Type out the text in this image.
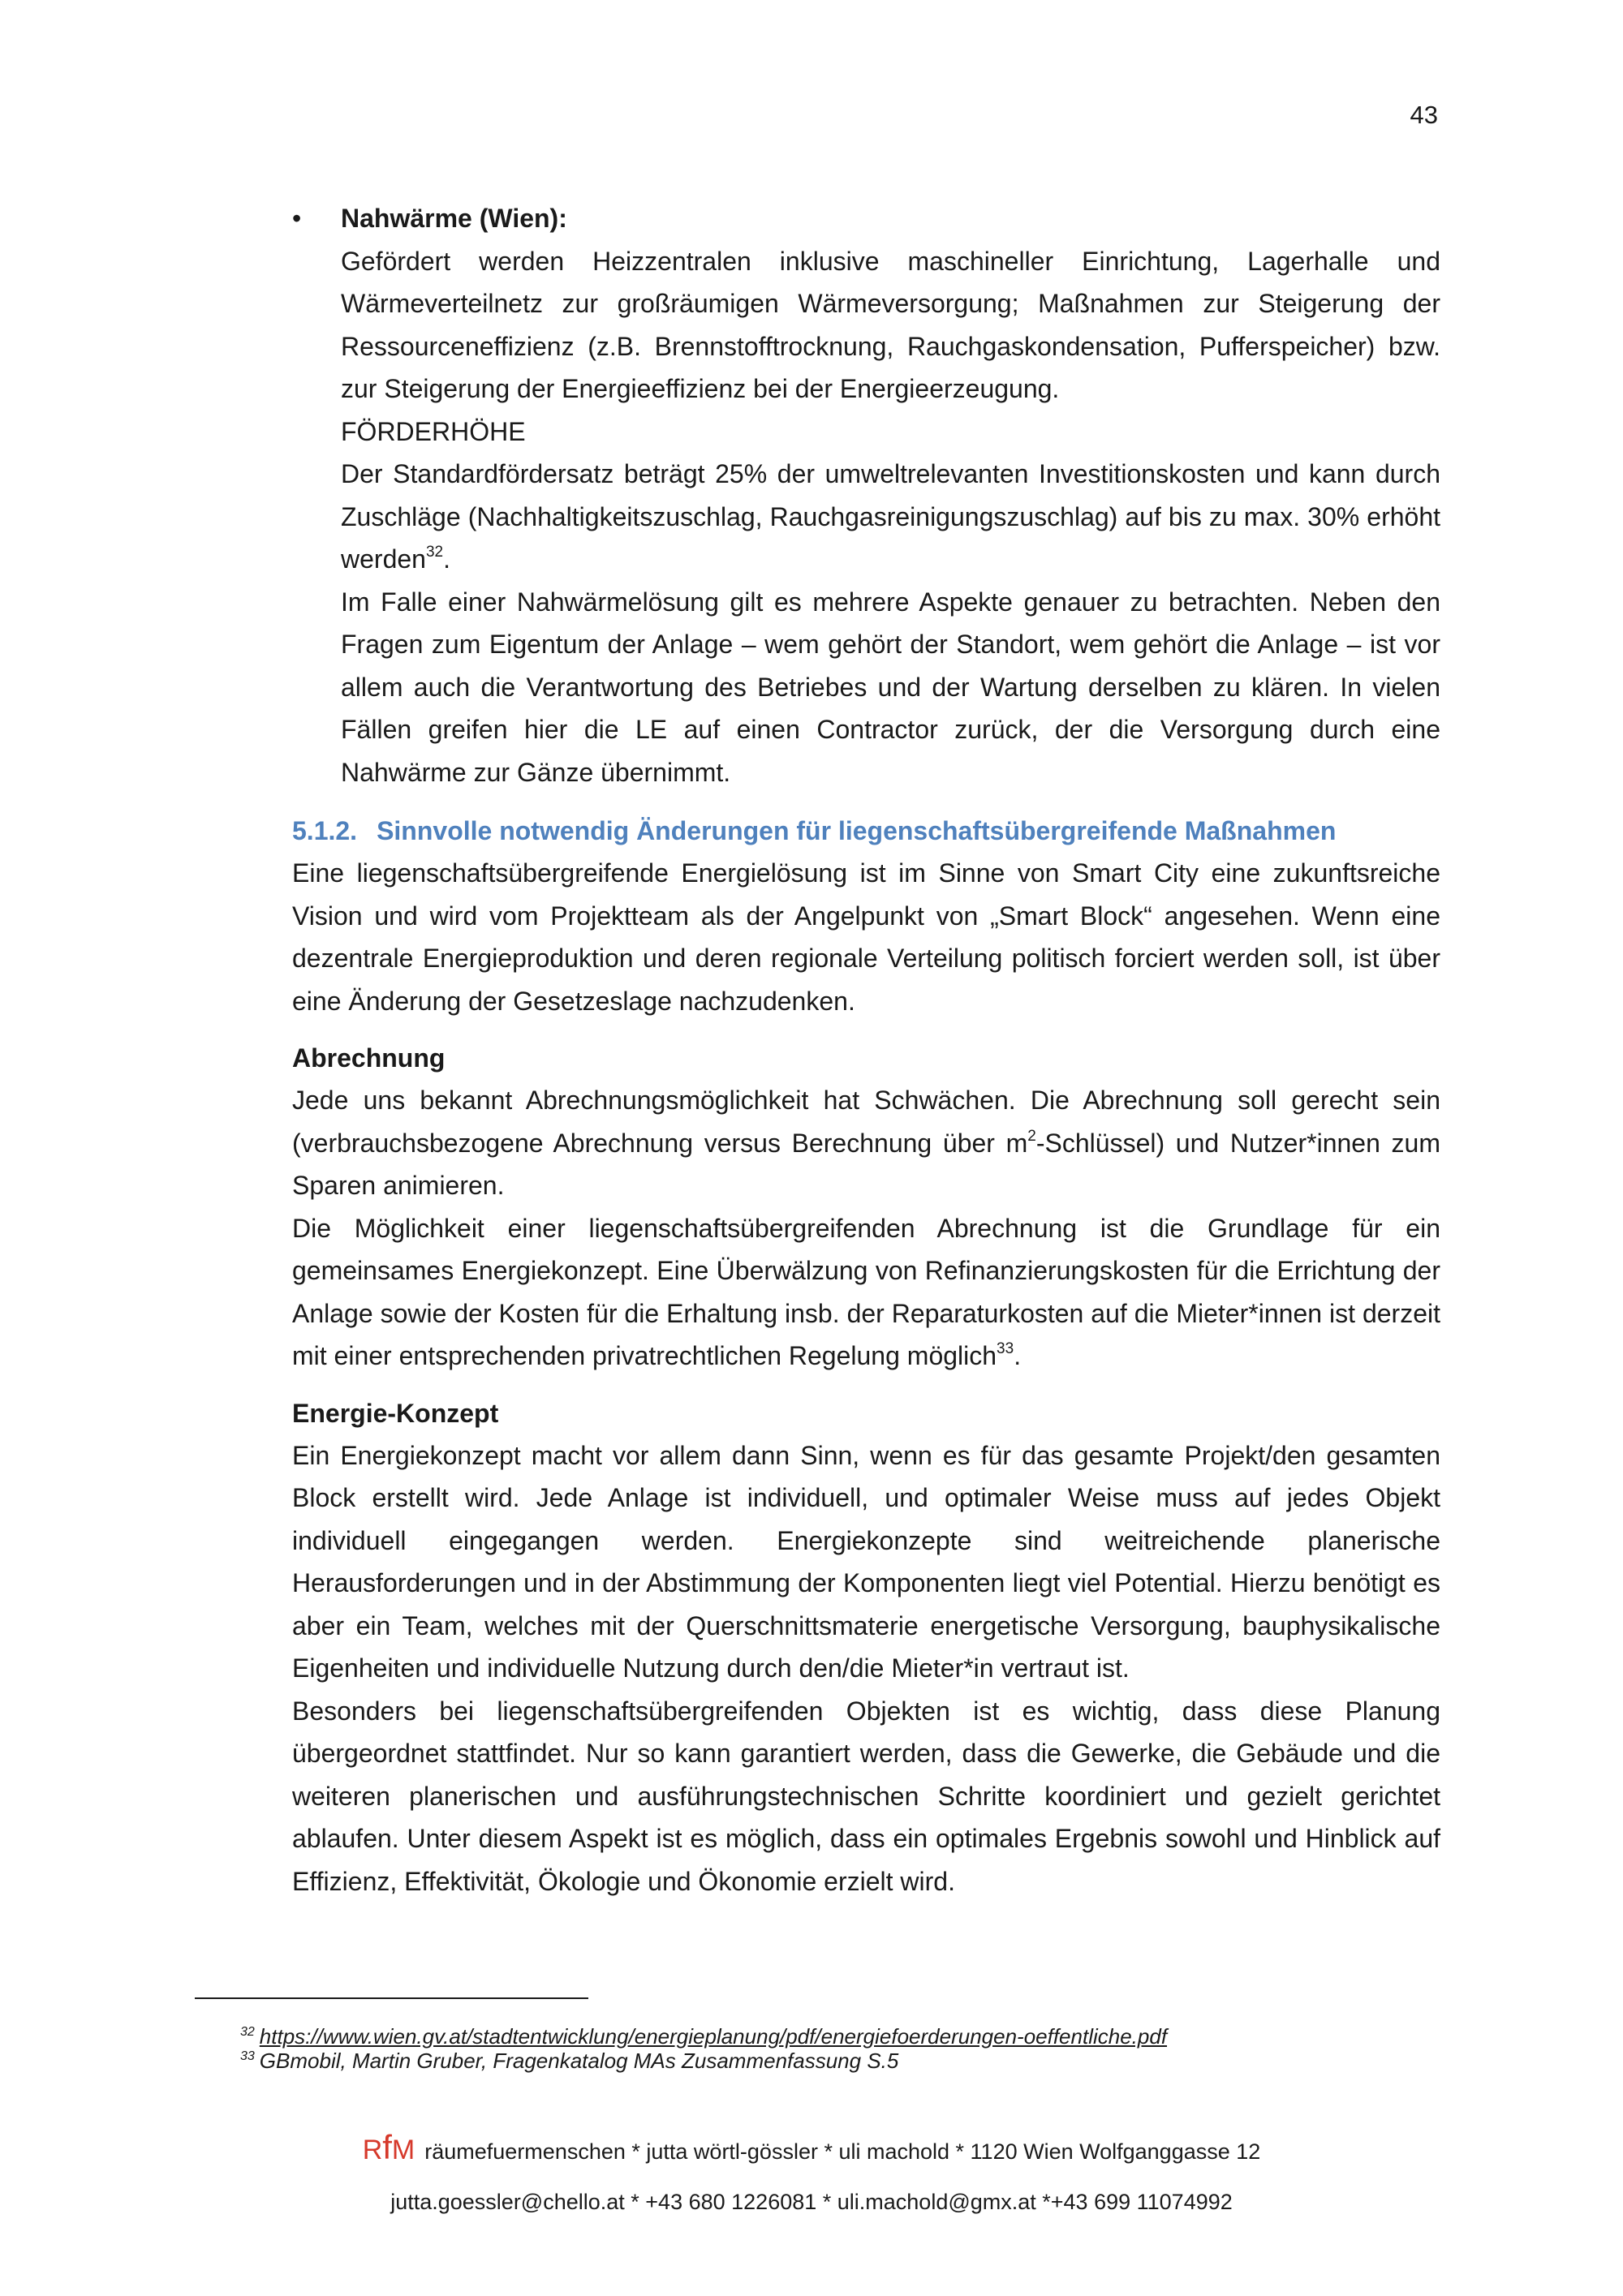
43
• Nahwärme (Wien):

Gefördert werden Heizzentralen inklusive maschineller Einrichtung, Lagerhalle und Wärmeverteilnetz zur großräumigen Wärmeversorgung; Maßnahmen zur Steigerung der Ressourceneffizienz (z.B. Brennstofftrocknung, Rauchgaskondensation, Pufferspeicher) bzw. zur Steigerung der Energieeffizienz bei der Energieerzeugung.

FÖRDERHÖHE

Der Standardfördersatz beträgt 25% der umweltrelevanten Investitionskosten und kann durch Zuschläge (Nachhaltigkeitszuschlag, Rauchgasreinigungszuschlag) auf bis zu max. 30% erhöht werden$^{32}$.

Im Falle einer Nahwärmelösung gilt es mehrere Aspekte genauer zu betrachten. Neben den Fragen zum Eigentum der Anlage – wem gehört der Standort, wem gehört die Anlage – ist vor allem auch die Verantwortung des Betriebes und der Wartung derselben zu klären. In vielen Fällen greifen hier die LE auf einen Contractor zurück, der die Versorgung durch eine Nahwärme zur Gänze übernimmt.

5.1.2. Sinnvolle notwendig Änderungen für liegenschaftsübergreifende Maßnahmen

Eine liegenschaftsübergreifende Energielösung ist im Sinne von Smart City eine zukunftsreiche Vision und wird vom Projektteam als der Angelpunkt von „Smart Block“ angesehen. Wenn eine dezentrale Energieproduktion und deren regionale Verteilung politisch forciert werden soll, ist über eine Änderung der Gesetzeslage nachzudenken.

Abrechnung

Jede uns bekannt Abrechnungsmöglichkeit hat Schwächen. Die Abrechnung soll gerecht sein (verbrauchsbezogene Abrechnung versus Berechnung über $m^2-Schlüssel$) und Nutzer*innen zum Sparen animieren.

Die Möglichkeit einer liegenschaftsübergreifenden Abrechnung ist die Grundlage für ein gemeinsames Energiekonzept. Eine Überwälzung von Refinanzierungskosten für die Errichtung der Anlage sowie der Kosten für die Erhaltung insb. der Reparaturkosten auf die Mieter*innen ist derzeit mit einer entsprechenden privatrechtlichen Regelung möglich$^{33}$.

Energie-Konzept

Ein Energiekonzept macht vor allem dann Sinn, wenn es für das gesamte Projekt/den gesamten Block erstellt wird. Jede Anlage ist individuell, und optimaler Weise muss auf jedes Objekt individuell eingegangen werden. Energiekonzepte sind weitreichende planerische Herausforderungen und in der Abstimmung der Komponenten liegt viel Potential. Hierzu benötigt es aber ein Team, welches mit der Querschnittsmaterie energetische Versorgung, bauphysikalische Eigenheiten und individuelle Nutzung durch den/die Mieter*in vertraut ist.

Besonders bei liegenschaftsübergreifenden Objekten ist es wichtig, dass diese Planung übergeordnet stattfindet. Nur so kann garantiert werden, dass die Gewerke, die Gebäude und die weiteren planerischen und ausführungstechnischen Schritte koordiniert und gezielt gerichtet ablaufen. Unter diesem Aspekt ist es möglich, dass ein optimales Ergebnis sowohl und Hinblick auf Effizienz, Effektivität, Ökologie und Ökonomie erzielt wird.

$^{32}$ https://www.wien.gv.at/stadtentwicklung/energieplanung/pdf/energiefoerderungen-oeffentliche.pdf
$^{33}$ GBmobil, Martin Gruber, Fragenkatalog MAs Zusammenfassung S.5
RfM räumefuermenschen * jutta wörtl-gössler * uli machold * 1120 Wien Wolfganggasse 12
jutta.goessler@chello.at * +43 680 1226081 * uli.machold@gmx.at *+43 699 11074992
